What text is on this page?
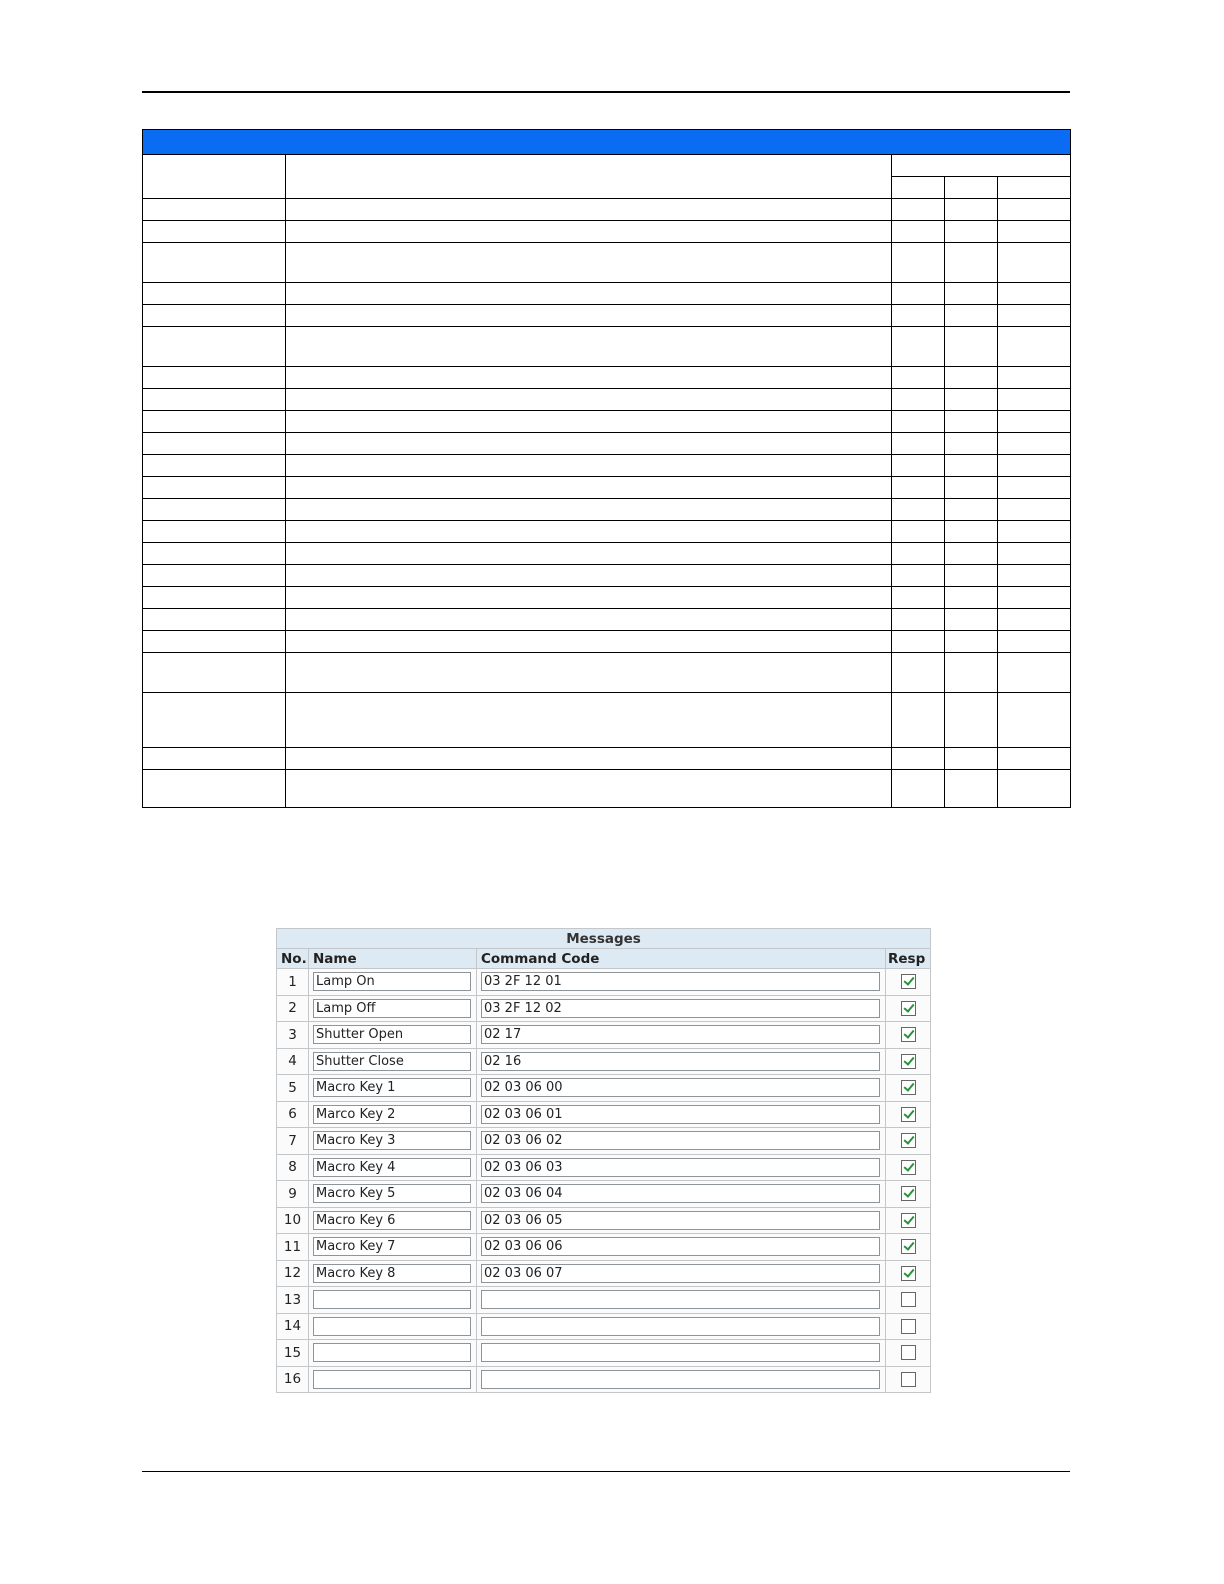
Messages			
No.	Name	Command Code	Resp
1	Lamp On	03 2F 12 01	

2	Lamp Off	03 2F 12 02	

3	Shutter Open	02 17	

4	Shutter Close	02 16	

5	Macro Key 1	02 03 06 00	

6	Marco Key 2	02 03 06 01	

7	Macro Key 3	02 03 06 02	

8	Macro Key 4	02 03 06 03	

9	Macro Key 5	02 03 06 04	

10	Macro Key 6	02 03 06 05	

11	Macro Key 7	02 03 06 06	

12	Macro Key 8	02 03 06 07	

13	

14	

15	

16	
